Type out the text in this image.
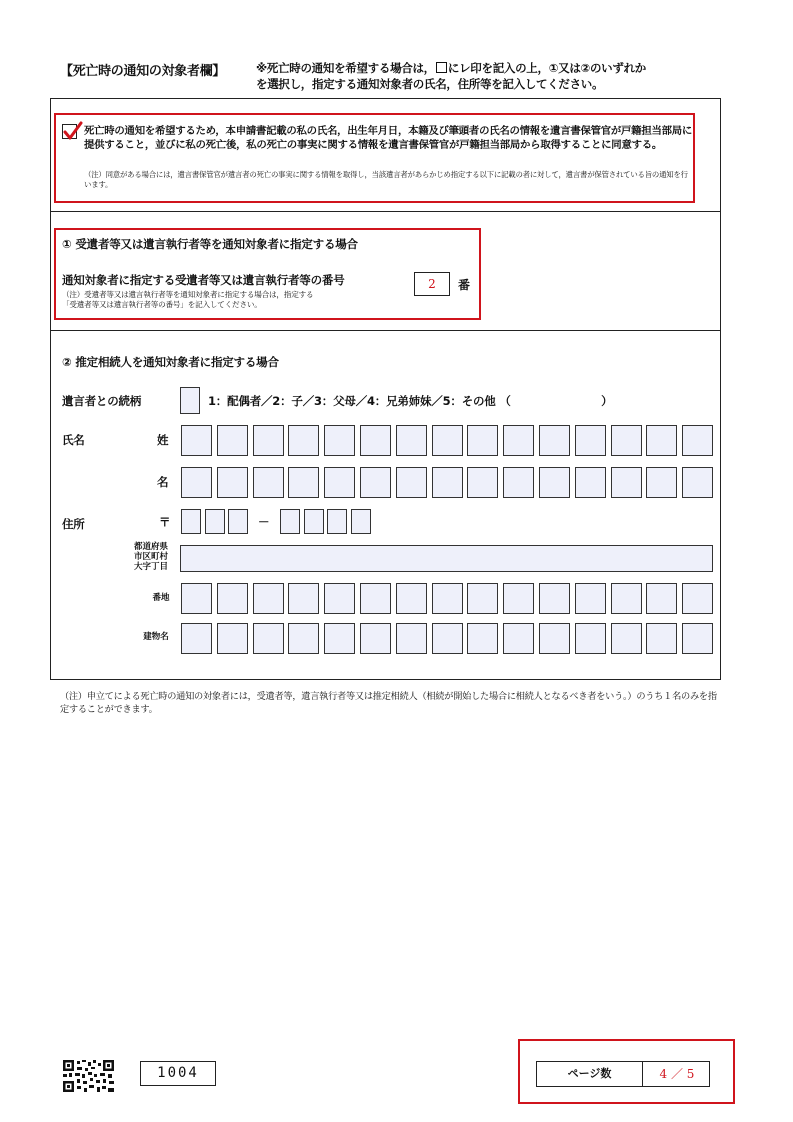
【死亡時の通知の対象者欄】	※死亡時の通知を希望する場合は， にレ印を記入の上，①又は②のいずれか
を選択し，指定する通知対象者の氏名，住所等を記入してください。
死亡時の通知を希望するため，本申請書記載の私の氏名，出生年月日，本籍及び筆頭者の氏名の情報を遺言書保管官が戸籍担当部局に提供すること，並びに私の死亡後，私の死亡の事実に関する情報を遺言書保管官が戸籍担当部局から取得することに同意する。
（注）同意がある場合には，遺言書保管官が遺言者の死亡の事実に関する情報を取得し，当該遺言者があらかじめ指定する以下に記載の者に対して，遺言書が保管されている旨の通知を行います。
① 受遺者等又は遺言執行者等を通知対象者に指定する場合
通知対象者に指定する受遺者等又は遺言執行者等の番号
（注）受遺者等又は遺言執行者等を通知対象者に指定する場合は，指定する
「受遺者等又は遺言執行者等の番号」を記入してください。
2	番
② 推定相続人を通知対象者に指定する場合
遺言者との続柄	1：配偶者／2：子／3：父母／4：兄弟姉妹／5：その他 （　　　　　　　　）
氏名	姓
名
住所	〒	－
都道府県
市区町村
大字丁目
番地
建物名
（注）申立てによる死亡時の通知の対象者には，受遺者等，遺言執行者等又は推定相続人（相続が開始した場合に相続人となるべき者をいう。）のうち１名のみを指定することができます。
1004	ページ数	4 ／ 5
